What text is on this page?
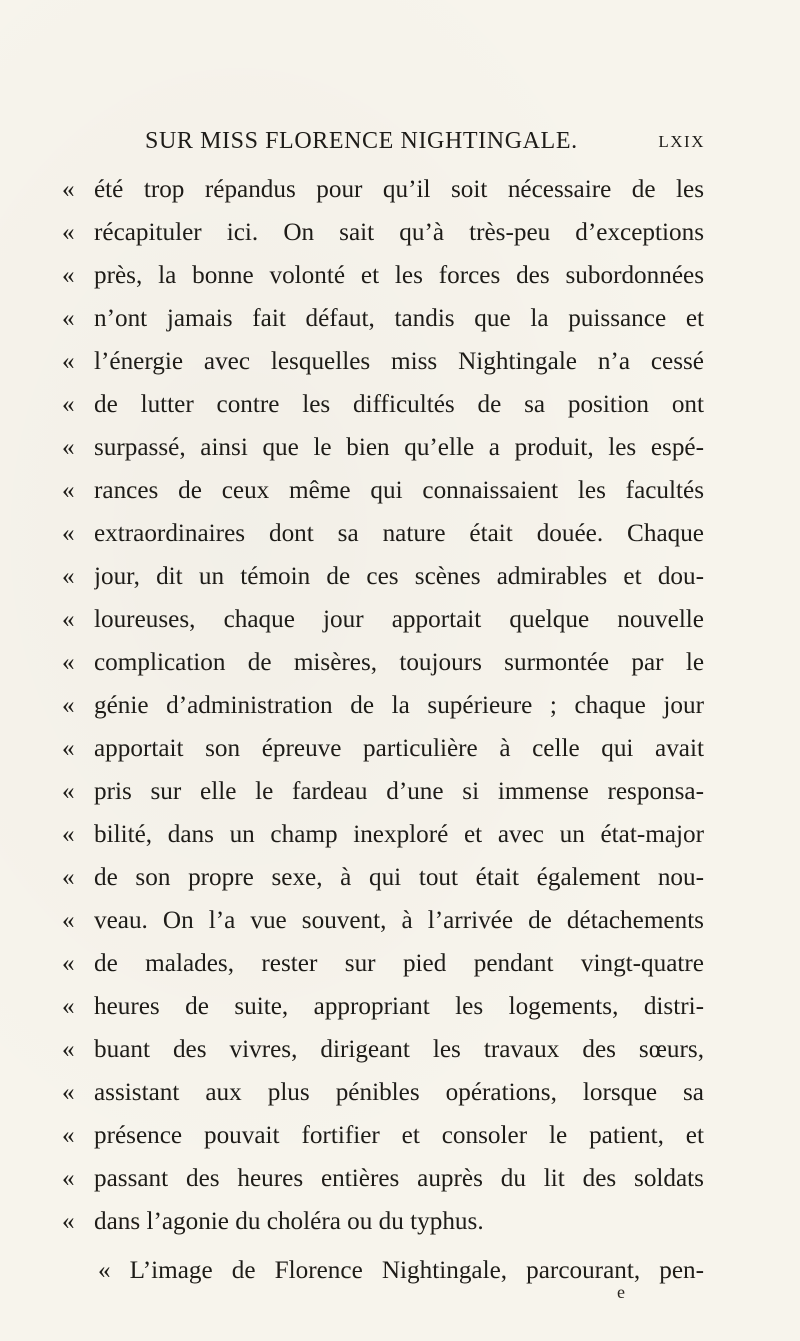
SUR MISS FLORENCE NIGHTINGALE.	LXIX
« été trop répandus pour qu’il soit nécessaire de les
« récapituler ici. On sait qu’à très-peu d’exceptions
« près, la bonne volonté et les forces des subordonnées
« n’ont jamais fait défaut, tandis que la puissance et
« l’énergie avec lesquelles miss Nightingale n’a cessé
« de lutter contre les difficultés de sa position ont
« surpassé, ainsi que le bien qu’elle a produit, les espé-
« rances de ceux même qui connaissaient les facultés
« extraordinaires dont sa nature était douée. Chaque
« jour, dit un témoin de ces scènes admirables et dou-
« loureuses, chaque jour apportait quelque nouvelle
« complication de misères, toujours surmontée par le
« génie d’administration de la supérieure ; chaque jour
« apportait son épreuve particulière à celle qui avait
« pris sur elle le fardeau d’une si immense responsa-
« bilité, dans un champ inexploré et avec un état-major
« de son propre sexe, à qui tout était également nou-
« veau. On l’a vue souvent, à l’arrivée de détachements
« de malades, rester sur pied pendant vingt-quatre
« heures de suite, appropriant les logements, distri-
« buant des vivres, dirigeant les travaux des sœurs,
« assistant aux plus pénibles opérations, lorsque sa
« présence pouvait fortifier et consoler le patient, et
« passant des heures entières auprès du lit des soldats
« dans l’agonie du choléra ou du typhus.
« L’image de Florence Nightingale, parcourant, pen-
e
